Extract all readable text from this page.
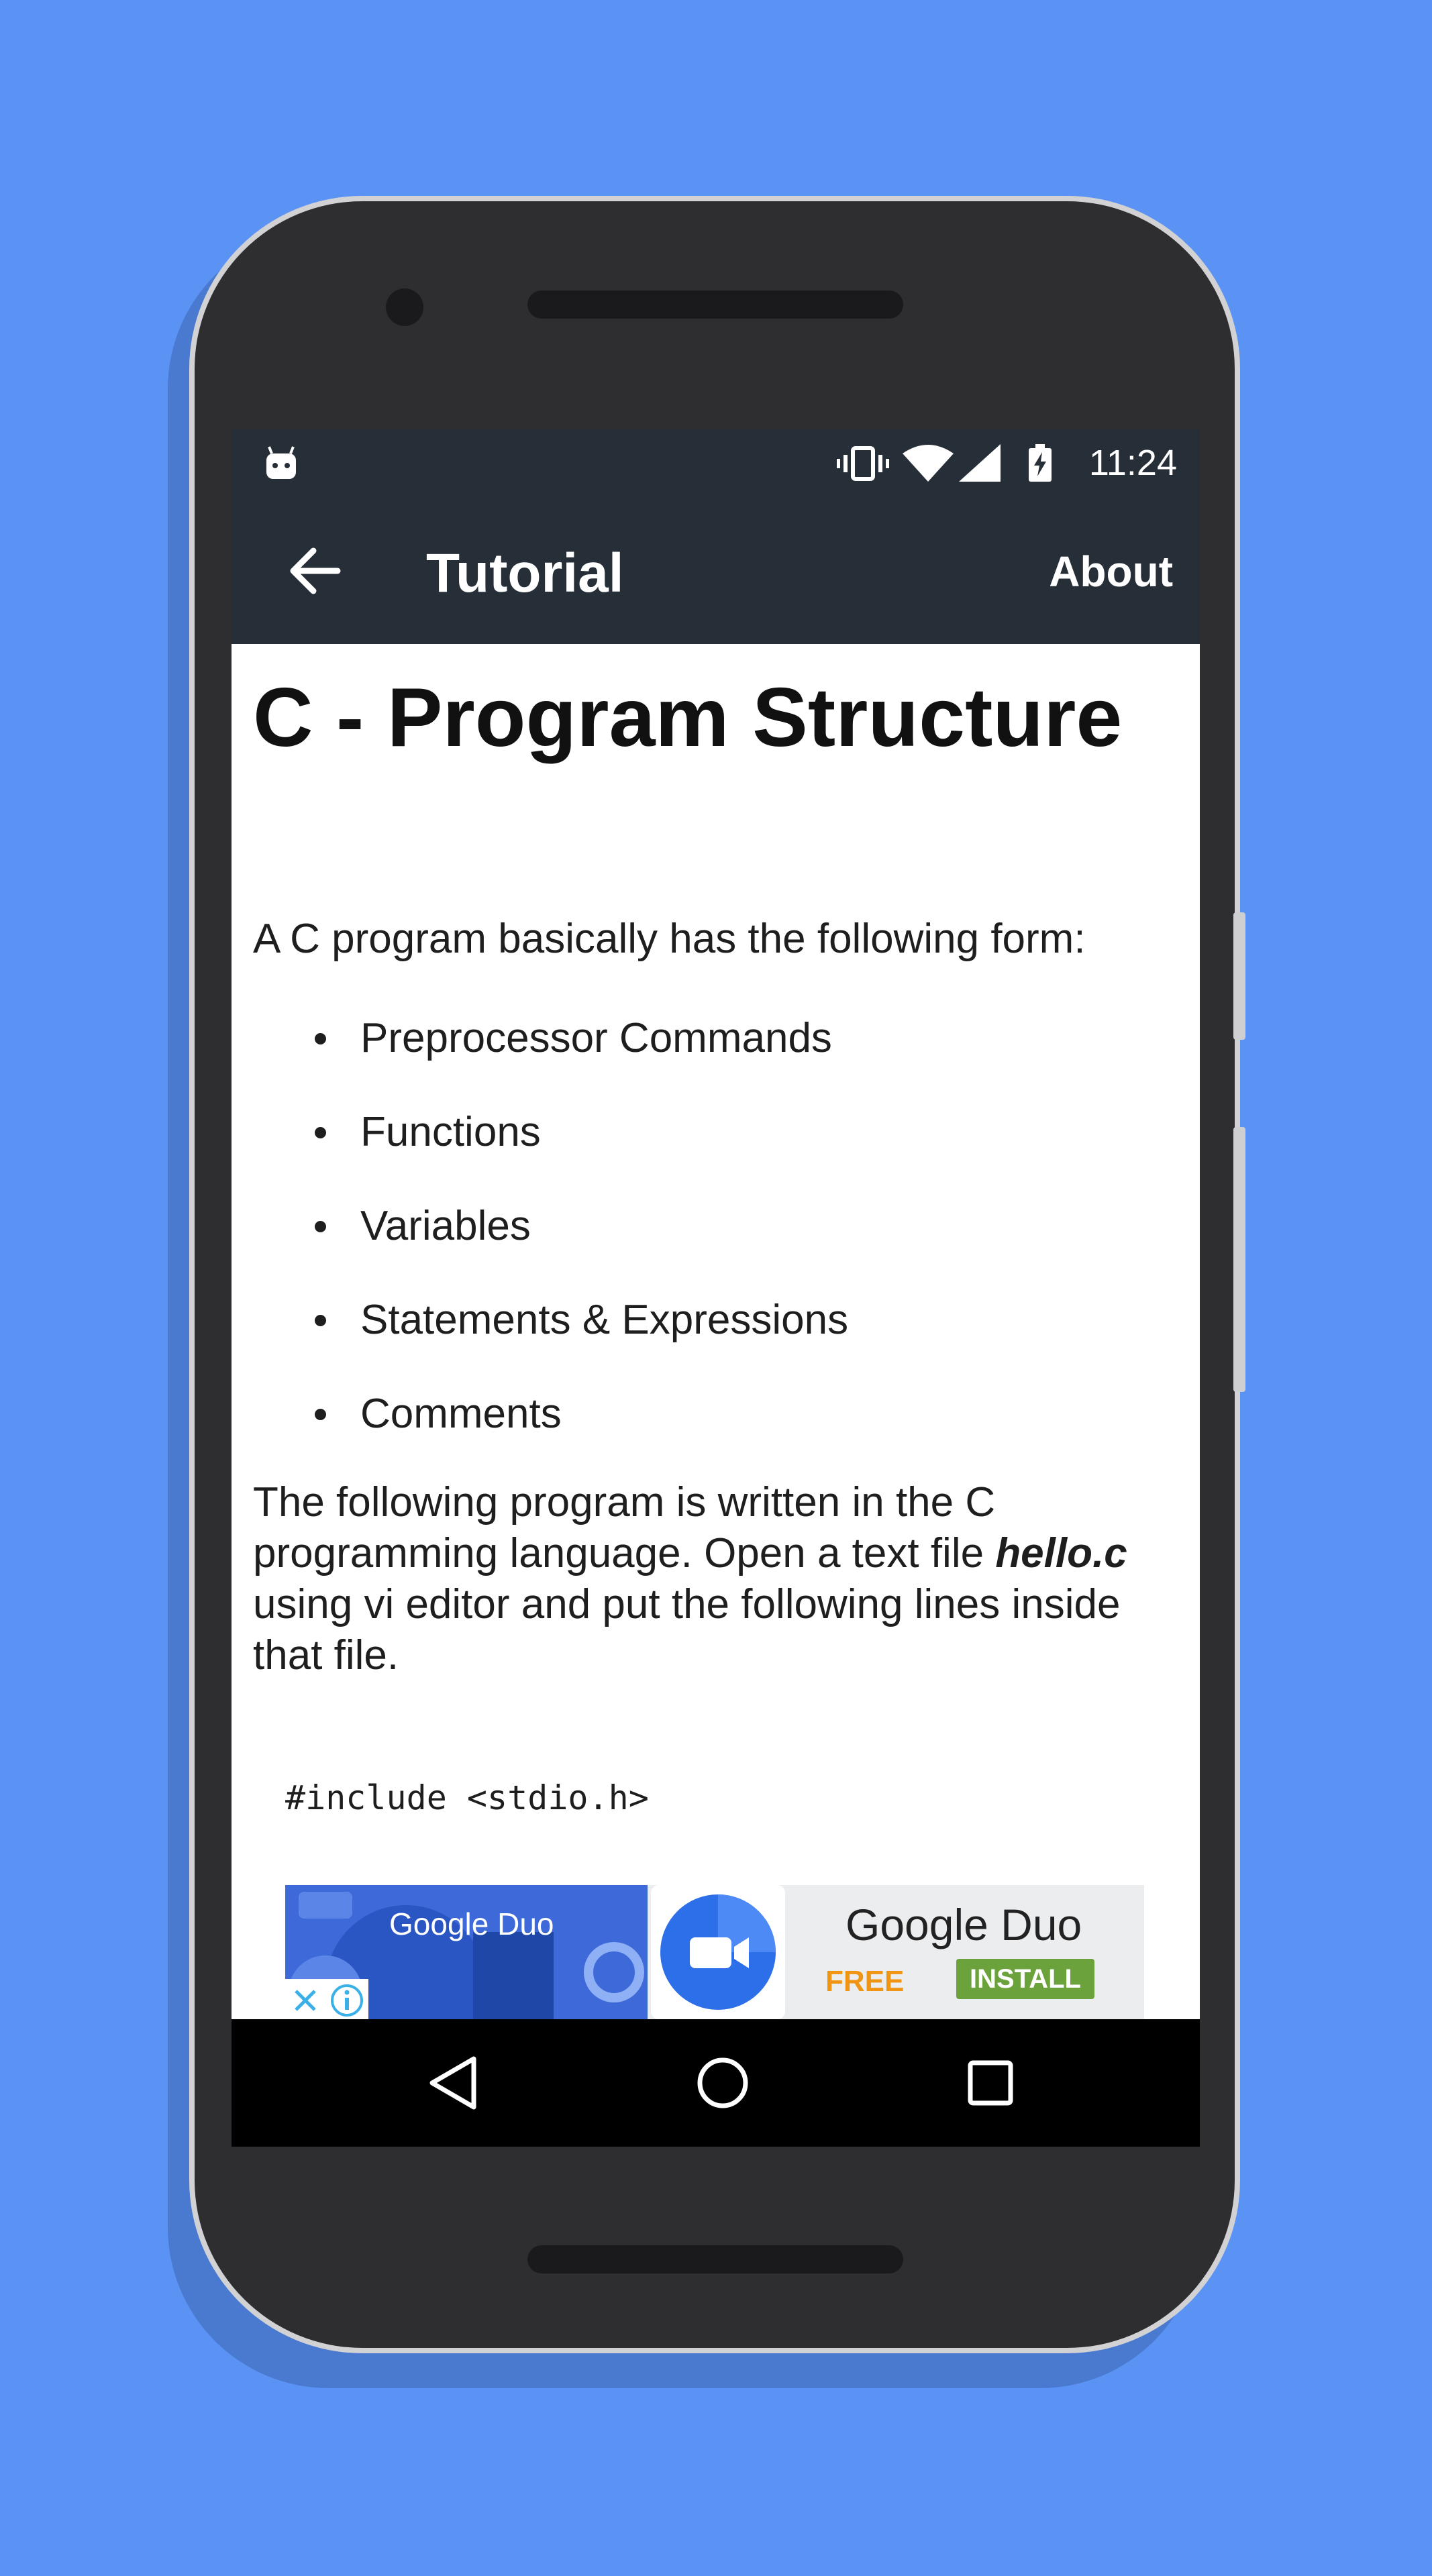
11:24
Tutorial	About
C - Program Structure
A C program basically has the following form:
Preprocessor Commands
Functions
Variables
Statements & Expressions
Comments
The following program is written in the C programming language. Open a text file hello.c using vi editor and put the following lines inside that file.

#include <stdio.h>

Google Duo	Google Duo
FREE	INSTALL
